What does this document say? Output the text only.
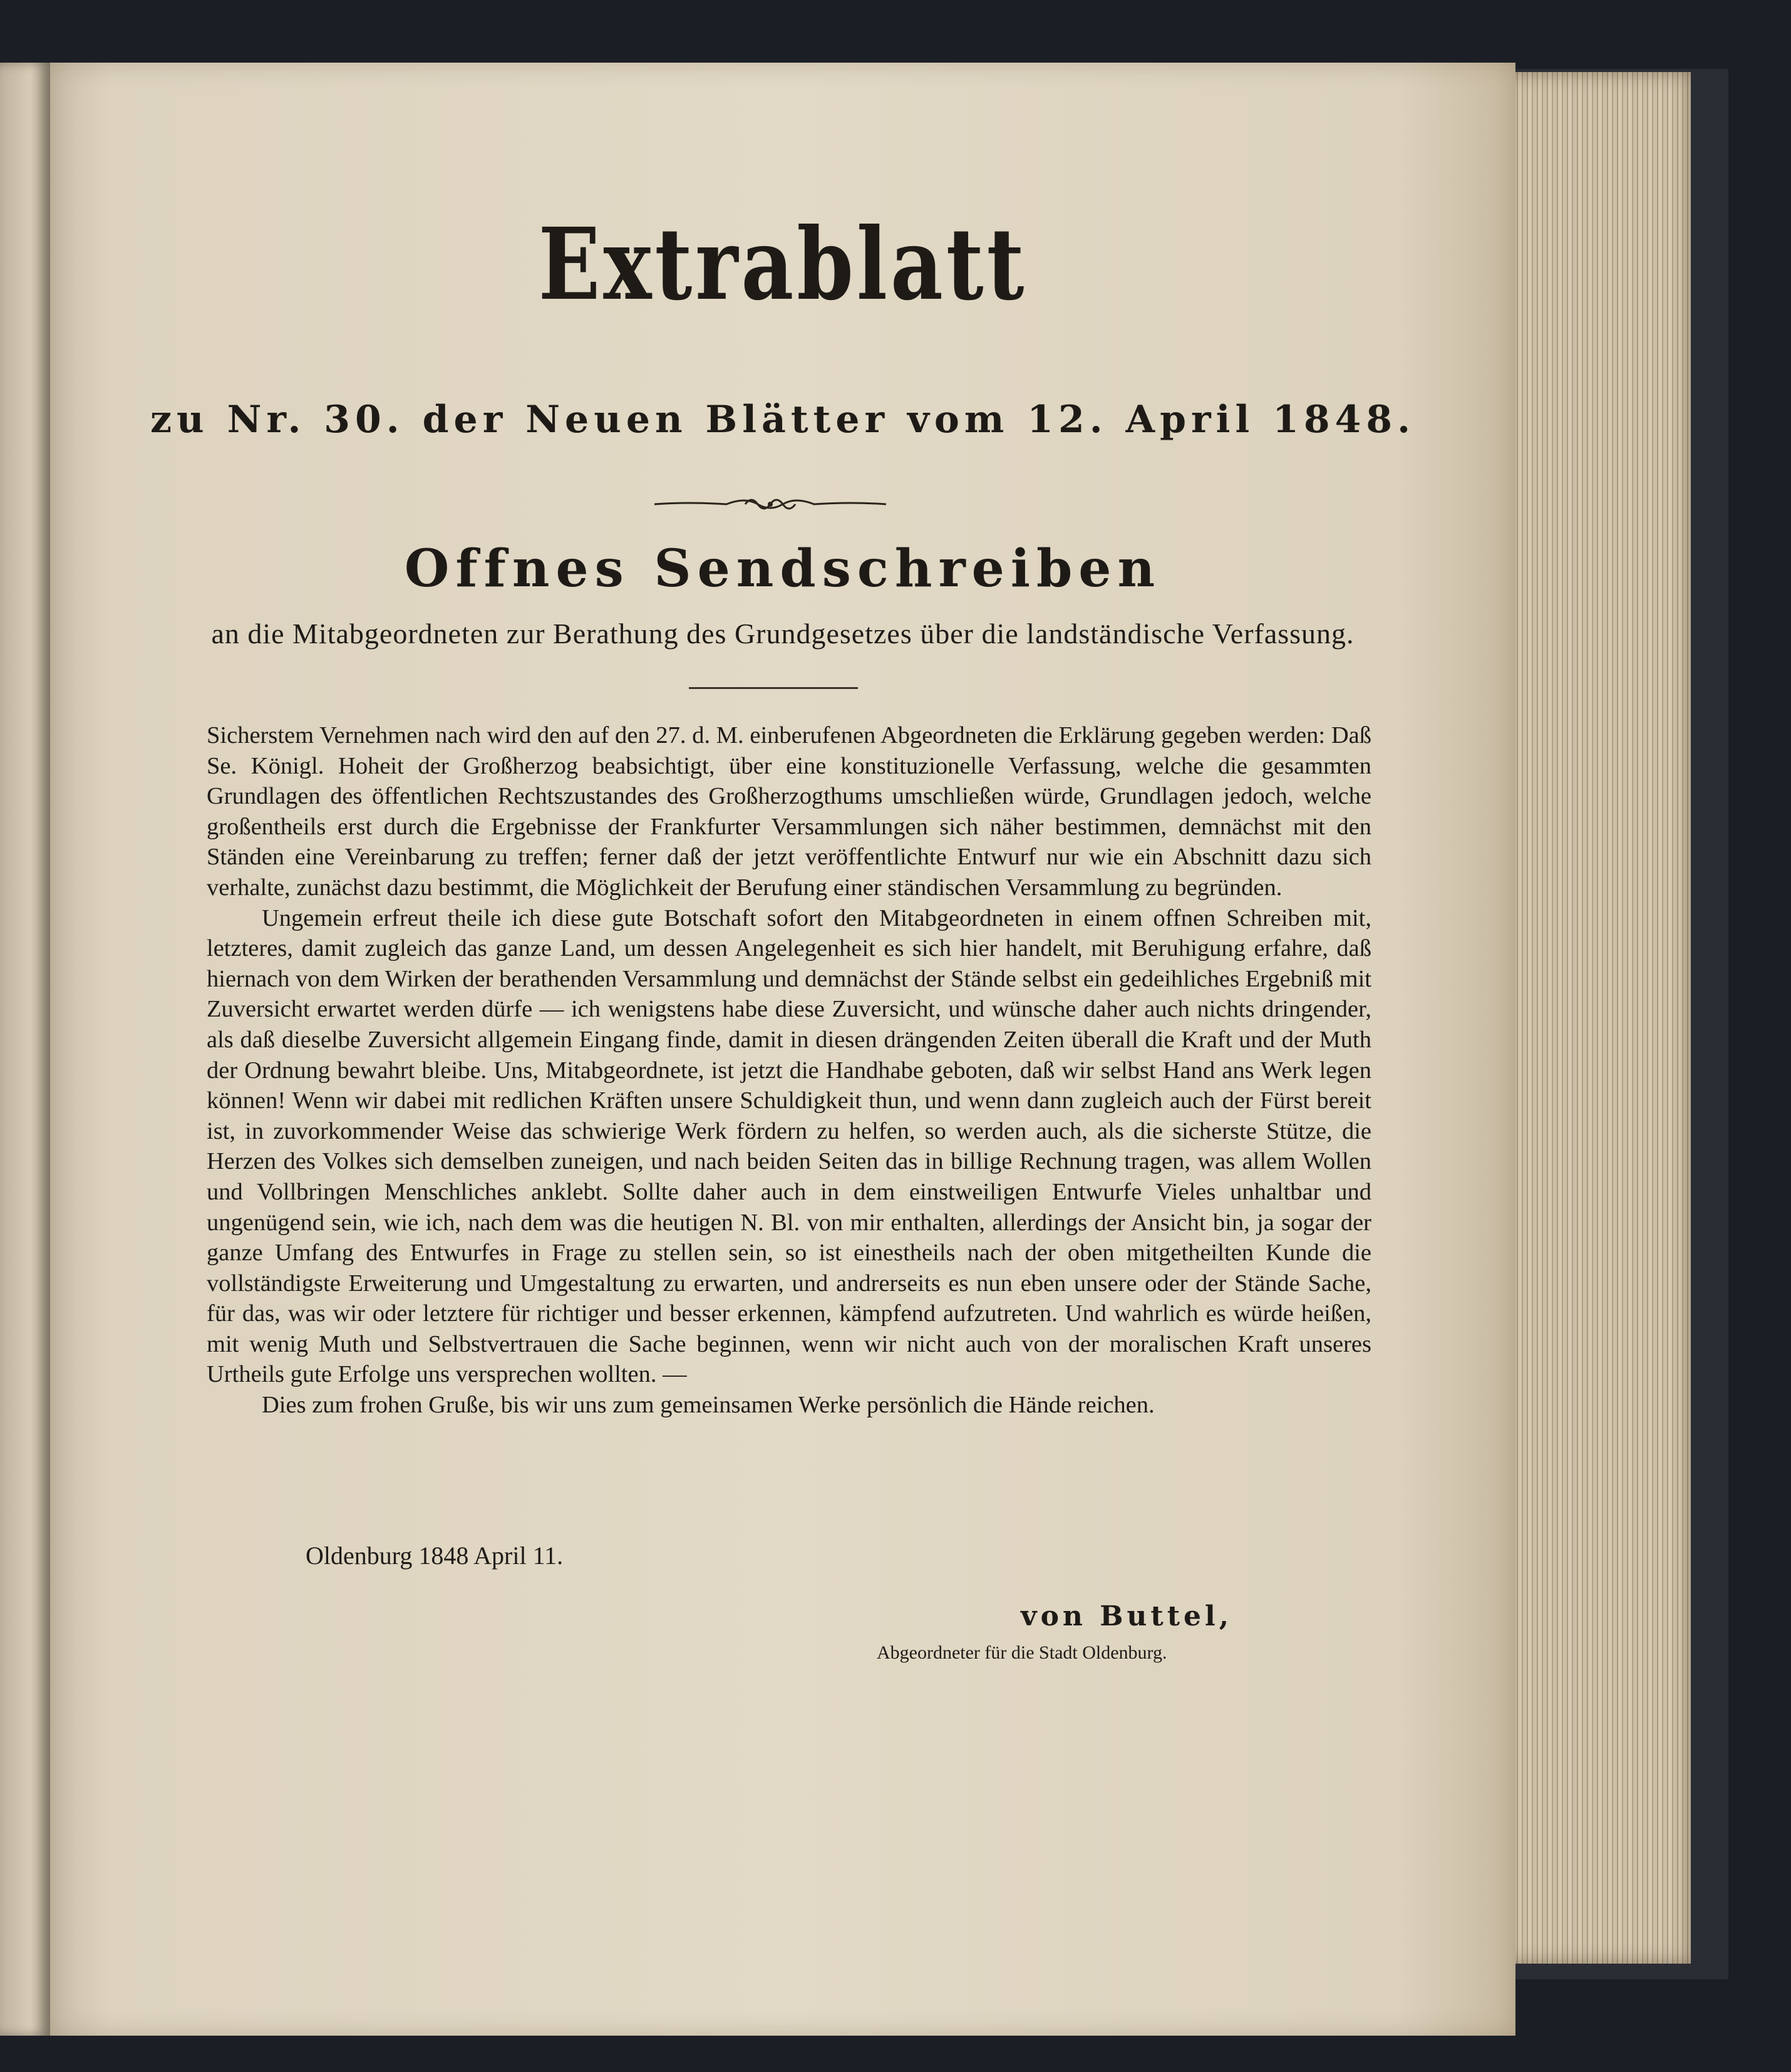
Extrablatt
zu Nr. 30. der Neuen Blätter vom 12. April 1848.
Offnes Sendschreiben
an die Mitabgeordneten zur Berathung des Grundgesetzes über die landständische Verfassung.

Sicherstem Vernehmen nach wird den auf den 27. d. M. einberufenen Abgeordneten die Erklärung gegeben werden: Daß Se. Königl. Hoheit der Großherzog beabsichtigt, über eine konstituzionelle Verfassung, welche die gesammten Grundlagen des öffentlichen Rechtszustandes des Großherzogthums umschließen würde, Grundlagen jedoch, welche großentheils erst durch die Ergebnisse der Frankfurter Versammlungen sich näher bestimmen, demnächst mit den Ständen eine Vereinbarung zu treffen; ferner daß der jetzt veröffentlichte Entwurf nur wie ein Abschnitt dazu sich verhalte, zunächst dazu bestimmt, die Möglichkeit der Berufung einer ständischen Versammlung zu begründen.

Ungemein erfreut theile ich diese gute Botschaft sofort den Mitabgeordneten in einem offnen Schreiben mit, letzteres, damit zugleich das ganze Land, um dessen Angelegenheit es sich hier handelt, mit Beruhigung erfahre, daß hiernach von dem Wirken der berathenden Versammlung und demnächst der Stände selbst ein gedeihliches Ergebniß mit Zuversicht erwartet werden dürfe — ich wenigstens habe diese Zuversicht, und wünsche daher auch nichts dringender, als daß dieselbe Zuversicht allgemein Eingang finde, damit in diesen drängenden Zeiten überall die Kraft und der Muth der Ordnung bewahrt bleibe. Uns, Mitabgeordnete, ist jetzt die Handhabe geboten, daß wir selbst Hand ans Werk legen können! Wenn wir dabei mit redlichen Kräften unsere Schuldigkeit thun, und wenn dann zugleich auch der Fürst bereit ist, in zuvorkommender Weise das schwierige Werk fördern zu helfen, so werden auch, als die sicherste Stütze, die Herzen des Volkes sich demselben zuneigen, und nach beiden Seiten das in billige Rechnung tragen, was allem Wollen und Vollbringen Menschliches anklebt. Sollte daher auch in dem einstweiligen Entwurfe Vieles unhaltbar und ungenügend sein, wie ich, nach dem was die heutigen N. Bl. von mir enthalten, allerdings der Ansicht bin, ja sogar der ganze Umfang des Entwurfes in Frage zu stellen sein, so ist einestheils nach der oben mitgetheilten Kunde die vollständigste Erweiterung und Umgestaltung zu erwarten, und andrerseits es nun eben unsere oder der Stände Sache, für das, was wir oder letztere für richtiger und besser erkennen, kämpfend aufzutreten. Und wahrlich es würde heißen, mit wenig Muth und Selbstvertrauen die Sache beginnen, wenn wir nicht auch von der moralischen Kraft unseres Urtheils gute Erfolge uns versprechen wollten. —

Dies zum frohen Gruße, bis wir uns zum gemeinsamen Werke persönlich die Hände reichen.

Oldenburg 1848 April 11.
von Buttel,
Abgeordneter für die Stadt Oldenburg.
